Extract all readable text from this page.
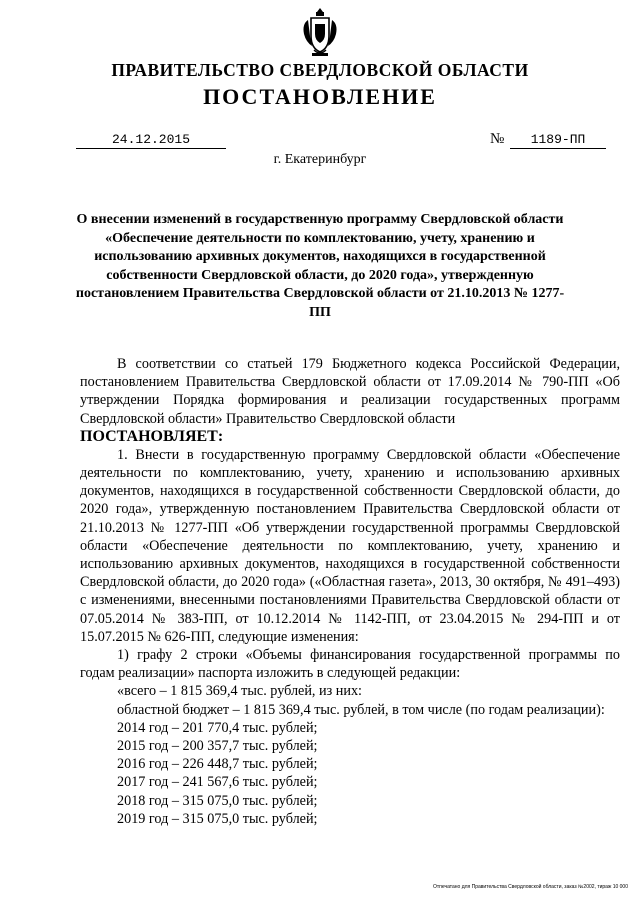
ПРАВИТЕЛЬСТВО СВЕРДЛОВСКОЙ ОБЛАСТИ
ПОСТАНОВЛЕНИЕ
24.12.2015	№	1189-ПП
г. Екатеринбург
О внесении изменений в государственную программу Свердловской области «Обеспечение деятельности по комплектованию, учету, хранению и использованию архивных документов, находящихся в государственной собственности Свердловской области, до 2020 года», утвержденную постановлением Правительства Свердловской области от 21.10.2013 № 1277-ПП

В соответствии со статьей 179 Бюджетного кодекса Российской Федерации, постановлением Правительства Свердловской области от 17.09.2014 № 790-ПП «Об утверждении Порядка формирования и реализации государственных программ Свердловской области» Правительство Свердловской области

ПОСТАНОВЛЯЕТ:

1. Внести в государственную программу Свердловской области «Обеспечение деятельности по комплектованию, учету, хранению и использованию архивных документов, находящихся в государственной собственности Свердловской области, до 2020 года», утвержденную постановлением Правительства Свердловской области от 21.10.2013 № 1277-ПП «Об утверждении государственной программы Свердловской области «Обеспечение деятельности по комплектованию, учету, хранению и использованию архивных документов, находящихся в государственной собственности Свердловской области, до 2020 года» («Областная газета», 2013, 30 октября, № 491–493) с изменениями, внесенными постановлениями Правительства Свердловской области от 07.05.2014 № 383-ПП, от 10.12.2014 № 1142-ПП, от 23.04.2015 № 294-ПП и от 15.07.2015 № 626-ПП, следующие изменения:

1) графу 2 строки «Объемы финансирования государственной программы по годам реализации» паспорта изложить в следующей редакции:

«всего – 1 815 369,4 тыс. рублей, из них:

областной бюджет – 1 815 369,4 тыс. рублей, в том числе (по годам реализации):

2014 год – 201 770,4 тыс. рублей;

2015 год – 200 357,7 тыс. рублей;

2016 год – 226 448,7 тыс. рублей;

2017 год – 241 567,6 тыс. рублей;

2018 год – 315 075,0 тыс. рублей;

2019 год – 315 075,0 тыс. рублей;

Отпечатано для Правительства Свердловской области, заказ №2002, тираж 10 000
